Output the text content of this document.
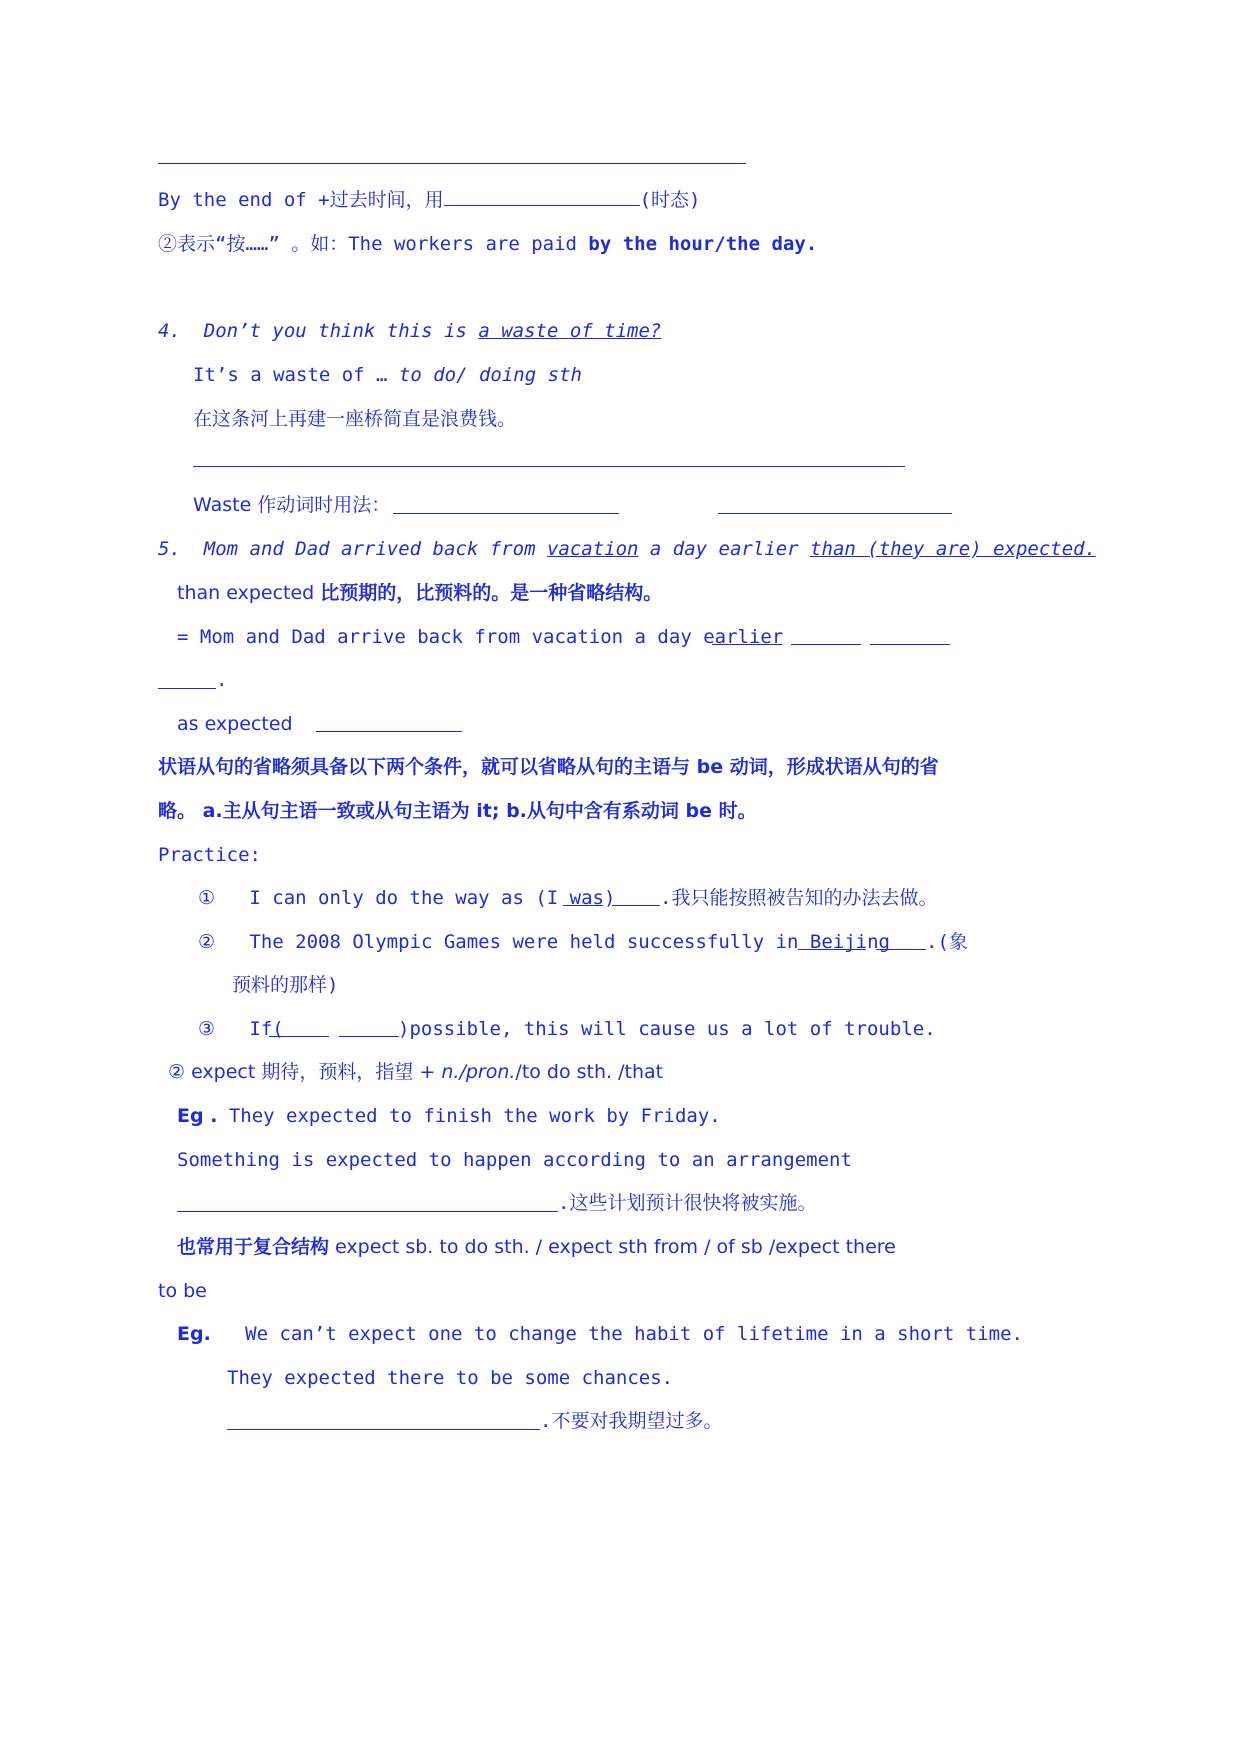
By the end of +过去时间，用	(时态)
②表示“按……” 。如：The workers are paid by the hour/the day.
4. Don’t you think this is a waste of time?
It’s a waste of … to do/ doing sth
在这条河上再建一座桥简直是浪费钱。
Waste 作动词时用法：
5. Mom and Dad arrived back from vacation a day earlier than (they are) expected.
than expected 比预期的，比预料的。是一种省略结构。
= Mom and Dad arrive back from vacation a day earlier
.
as expected
状语从句的省略须具备以下两个条件，就可以省略从句的主语与 be 动词，形成状语从句的省
略。 a.主从句主语一致或从句主语为 it; b.从句中含有系动词 be 时。
Practice:
① I can only do the way as (I was) .我只能按照被告知的办法去做。
② The 2008 Olympic Games were held successfully in Beijing .(象
预料的那样)
③ If(	)possible, this will cause us a lot of trouble.
② expect 期待，预料，指望 + n./pron./to do sth. /that
Eg . They expected to finish the work by Friday.
Something is expected to happen according to an arrangement
.这些计划预计很快将被实施。
也常用于复合结构 expect sb. to do sth. / expect sth from / of sb /expect there
to be
Eg. We can’t expect one to change the habit of lifetime in a short time.
They expected there to be some chances.
.不要对我期望过多。
